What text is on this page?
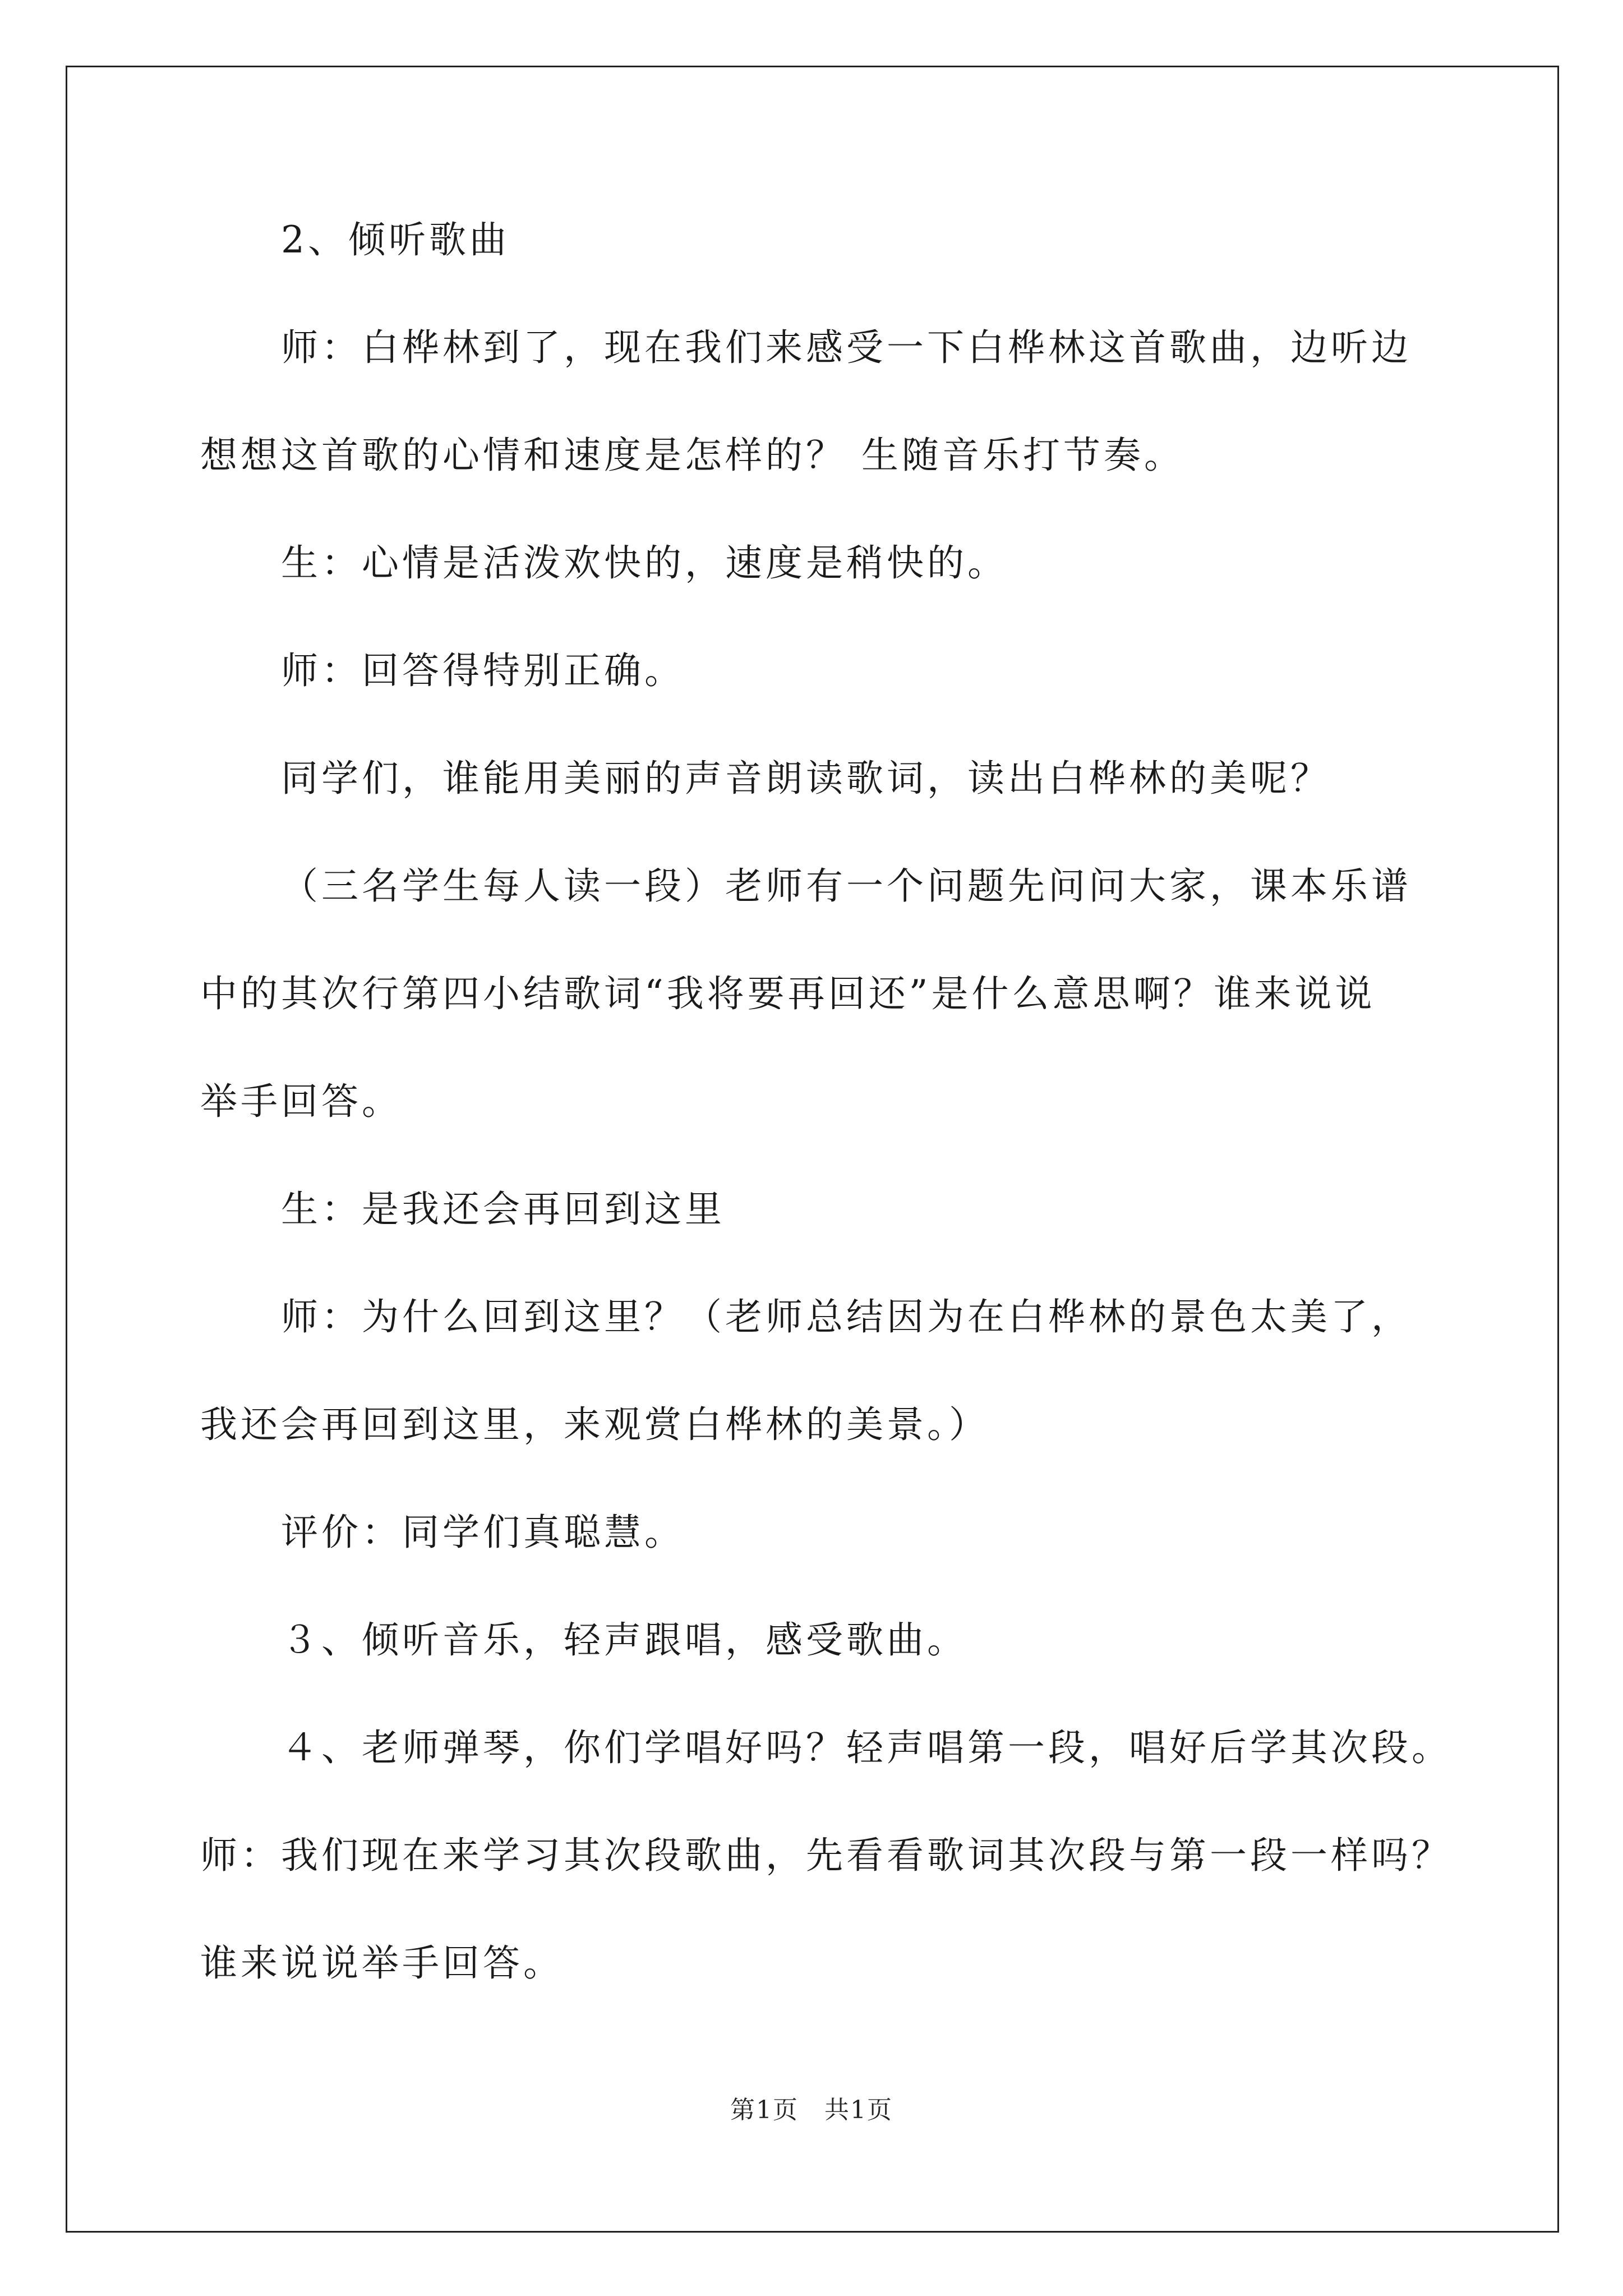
2、倾听歌曲

师：白桦林到了，现在我们来感受一下白桦林这首歌曲，边听边

想想这首歌的心情和速度是怎样的？ 生随音乐打节奏。

生：心情是活泼欢快的，速度是稍快的。

师：回答得特别正确。

同学们，谁能用美丽的声音朗读歌词，读出白桦林的美呢？

（三名学生每人读一段）老师有一个问题先问问大家，课本乐谱

中的其次行第四小结歌词“我将要再回还”是什么意思啊？谁来说说

举手回答。

生：是我还会再回到这里

师：为什么回到这里？（老师总结因为在白桦林的景色太美了，

我还会再回到这里，来观赏白桦林的美景。）

评价：同学们真聪慧。

３、倾听音乐，轻声跟唱，感受歌曲。

４、老师弹琴，你们学唱好吗？轻声唱第一段，唱好后学其次段。

师：我们现在来学习其次段歌曲，先看看歌词其次段与第一段一样吗？

谁来说说举手回答。

第1页　共1页
